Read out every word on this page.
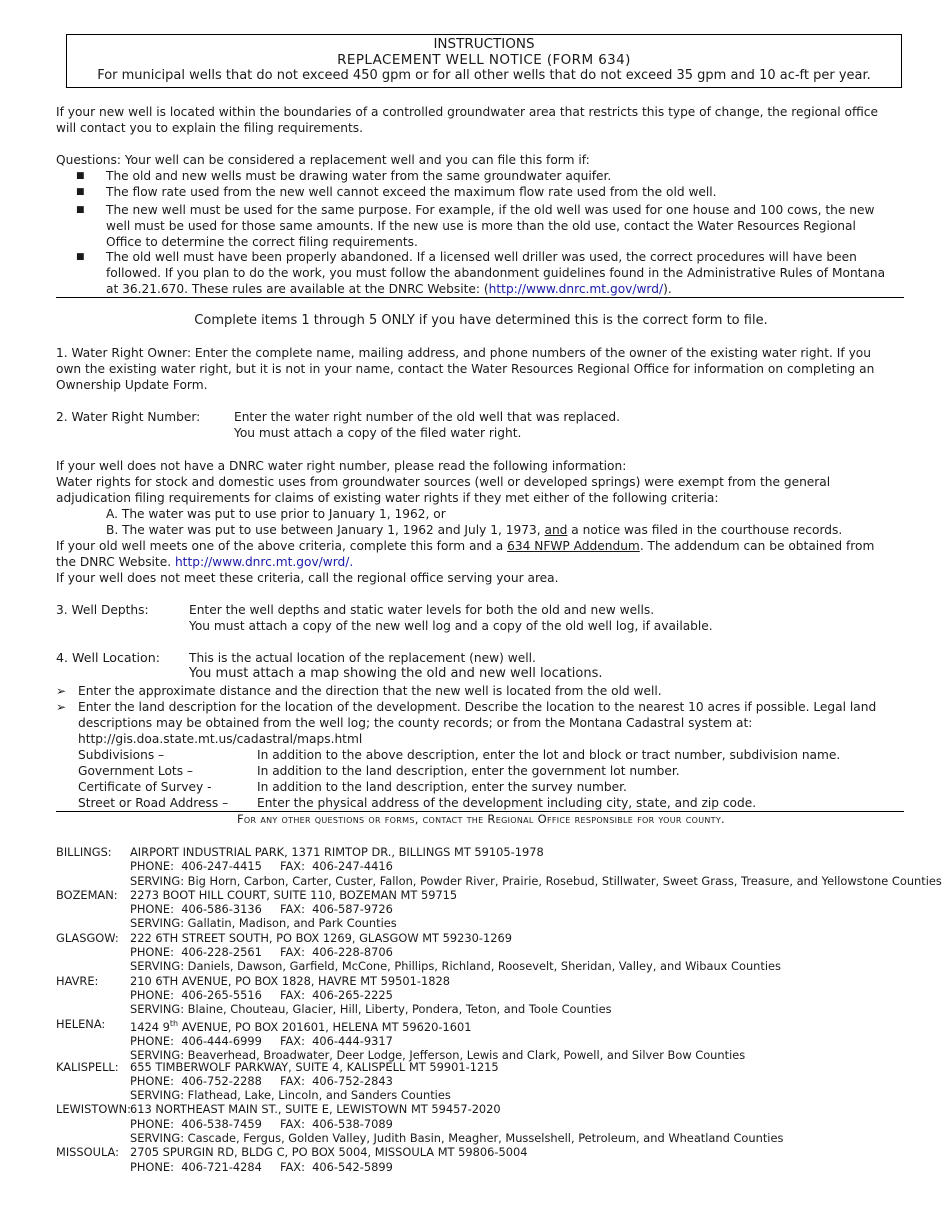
INSTRUCTIONS
REPLACEMENT WELL NOTICE (FORM 634)
For municipal wells that do not exceed 450 gpm or for all other wells that do not exceed 35 gpm and 10 ac-ft per year.
If your new well is located within the boundaries of a controlled groundwater area that restricts this type of change, the regional office
will contact you to explain the filing requirements.
Questions: Your well can be considered a replacement well and you can file this form if:
■ The old and new wells must be drawing water from the same groundwater aquifer.
■ The flow rate used from the new well cannot exceed the maximum flow rate used from the old well.
■ The new well must be used for the same purpose. For example, if the old well was used for one house and 100 cows, the new
well must be used for those same amounts. If the new use is more than the old use, contact the Water Resources Regional
Office to determine the correct filing requirements.
■ The old well must have been properly abandoned. If a licensed well driller was used, the correct procedures will have been
followed. If you plan to do the work, you must follow the abandonment guidelines found in the Administrative Rules of Montana
at 36.21.670. These rules are available at the DNRC Website: (http://www.dnrc.mt.gov/wrd/).
Complete items 1 through 5 ONLY if you have determined this is the correct form to file.
1. Water Right Owner: Enter the complete name, mailing address, and phone numbers of the owner of the existing water right. If you
own the existing water right, but it is not in your name, contact the Water Resources Regional Office for information on completing an
Ownership Update Form.
2. Water Right Number:	Enter the water right number of the old well that was replaced.
You must attach a copy of the filed water right.
If your well does not have a DNRC water right number, please read the following information:
Water rights for stock and domestic uses from groundwater sources (well or developed springs) were exempt from the general
adjudication filing requirements for claims of existing water rights if they met either of the following criteria:
A. The water was put to use prior to January 1, 1962, or
B. The water was put to use between January 1, 1962 and July 1, 1973, and a notice was filed in the courthouse records.
If your old well meets one of the above criteria, complete this form and a 634 NFWP Addendum. The addendum can be obtained from
the DNRC Website. http://www.dnrc.mt.gov/wrd/.
If your well does not meet these criteria, call the regional office serving your area.
3. Well Depths:	Enter the well depths and static water levels for both the old and new wells.
You must attach a copy of the new well log and a copy of the old well log, if available.
4. Well Location: This is the actual location of the replacement (new) well.
You must attach a map showing the old and new well locations.
➢ Enter the approximate distance and the direction that the new well is located from the old well.
➢ Enter the land description for the location of the development. Describe the location to the nearest 10 acres if possible. Legal land
descriptions may be obtained from the well log; the county records; or from the Montana Cadastral system at:
http://gis.doa.state.mt.us/cadastral/maps.html
Subdivisions –	In addition to the above description, enter the lot and block or tract number, subdivision name.
Government Lots –	In addition to the land description, enter the government lot number.
Certificate of Survey -	In addition to the land description, enter the survey number.
Street or Road Address – Enter the physical address of the development including city, state, and zip code.
For any other questions or forms, contact the Regional Office responsible for your county.
BILLINGS: AIRPORT INDUSTRIAL PARK, 1371 RIMTOP DR., BILLINGS MT 59105-1978
PHONE:  406-247-4415     FAX:  406-247-4416
SERVING: Big Horn, Carbon, Carter, Custer, Fallon, Powder River, Prairie, Rosebud, Stillwater, Sweet Grass, Treasure, and Yellowstone Counties
BOZEMAN: 2273 BOOT HILL COURT, SUITE 110, BOZEMAN MT 59715
PHONE:  406-586-3136     FAX:  406-587-9726
SERVING: Gallatin, Madison, and Park Counties
GLASGOW: 222 6TH STREET SOUTH, PO BOX 1269, GLASGOW MT 59230-1269
PHONE:  406-228-2561     FAX:  406-228-8706
SERVING: Daniels, Dawson, Garfield, McCone, Phillips, Richland, Roosevelt, Sheridan, Valley, and Wibaux Counties
HAVRE:	210 6TH AVENUE, PO BOX 1828, HAVRE MT 59501-1828
PHONE:  406-265-5516     FAX:  406-265-2225
SERVING: Blaine, Chouteau, Glacier, Hill, Liberty, Pondera, Teton, and Toole Counties
HELENA: 1424 9th AVENUE, PO BOX 201601, HELENA MT 59620-1601
PHONE:  406-444-6999     FAX:  406-444-9317
SERVING: Beaverhead, Broadwater, Deer Lodge, Jefferson, Lewis and Clark, Powell, and Silver Bow Counties
KALISPELL: 655 TIMBERWOLF PARKWAY, SUITE 4, KALISPELL MT 59901-1215
PHONE:  406-752-2288     FAX:  406-752-2843
SERVING: Flathead, Lake, Lincoln, and Sanders Counties
LEWISTOWN: 613 NORTHEAST MAIN ST., SUITE E, LEWISTOWN MT 59457-2020
PHONE:  406-538-7459     FAX:  406-538-7089
SERVING: Cascade, Fergus, Golden Valley, Judith Basin, Meagher, Musselshell, Petroleum, and Wheatland Counties
MISSOULA: 2705 SPURGIN RD, BLDG C, PO BOX 5004, MISSOULA MT 59806-5004
PHONE:  406-721-4284     FAX:  406-542-5899
